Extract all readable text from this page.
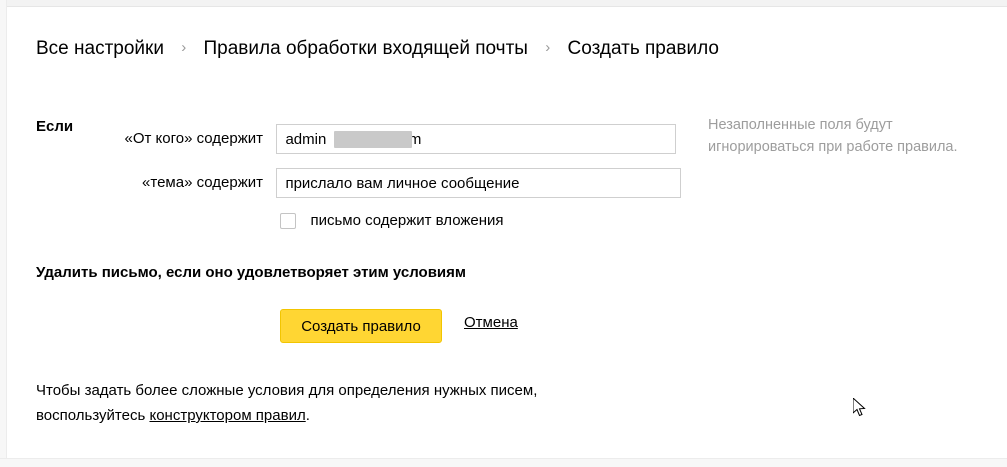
Все настройки › Правила обработки входящей почты › Создать правило
Если
«От кого» содержит admin com
«тема» содержит прислало вам личное сообщение
письмо содержит вложения
Незаполненные поля будут игнорироваться при работе правила.
Удалить письмо, если оно удовлетворяет этим условиям
Создать правило	Отмена
Чтобы задать более сложные условия для определения нужных писем,
воспользуйтесь конструктором правил.
